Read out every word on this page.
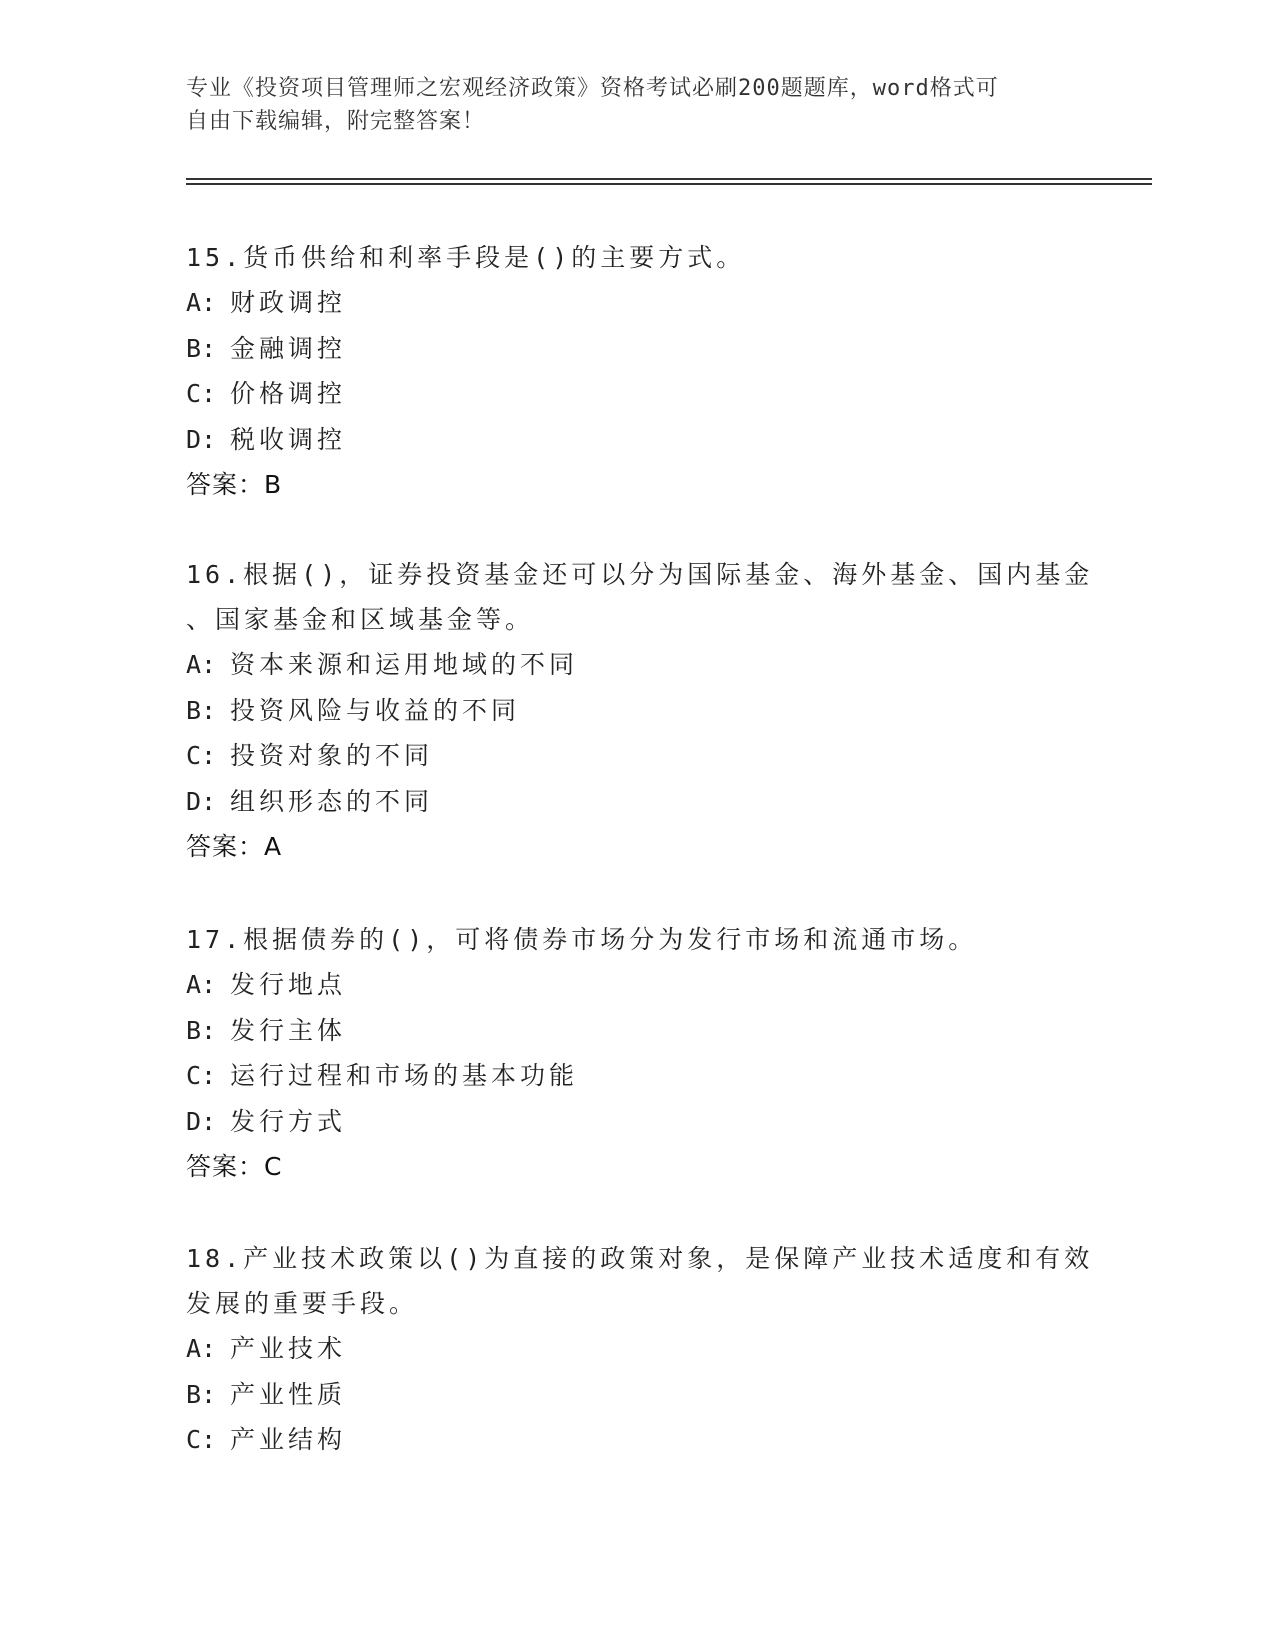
专业《投资项目管理师之宏观经济政策》资格考试必刷200题题库，word格式可
自由下载编辑，附完整答案！
15.货币供给和利率手段是()的主要方式。
A: 财政调控
B: 金融调控
C: 价格调控
D: 税收调控
答案：B
16.根据()，证券投资基金还可以分为国际基金、海外基金、国内基金
、国家基金和区域基金等。
A: 资本来源和运用地域的不同
B: 投资风险与收益的不同
C: 投资对象的不同
D: 组织形态的不同
答案：A
17.根据债券的()，可将债券市场分为发行市场和流通市场。
A: 发行地点
B: 发行主体
C: 运行过程和市场的基本功能
D: 发行方式
答案：C
18.产业技术政策以()为直接的政策对象，是保障产业技术适度和有效
发展的重要手段。
A: 产业技术
B: 产业性质
C: 产业结构
